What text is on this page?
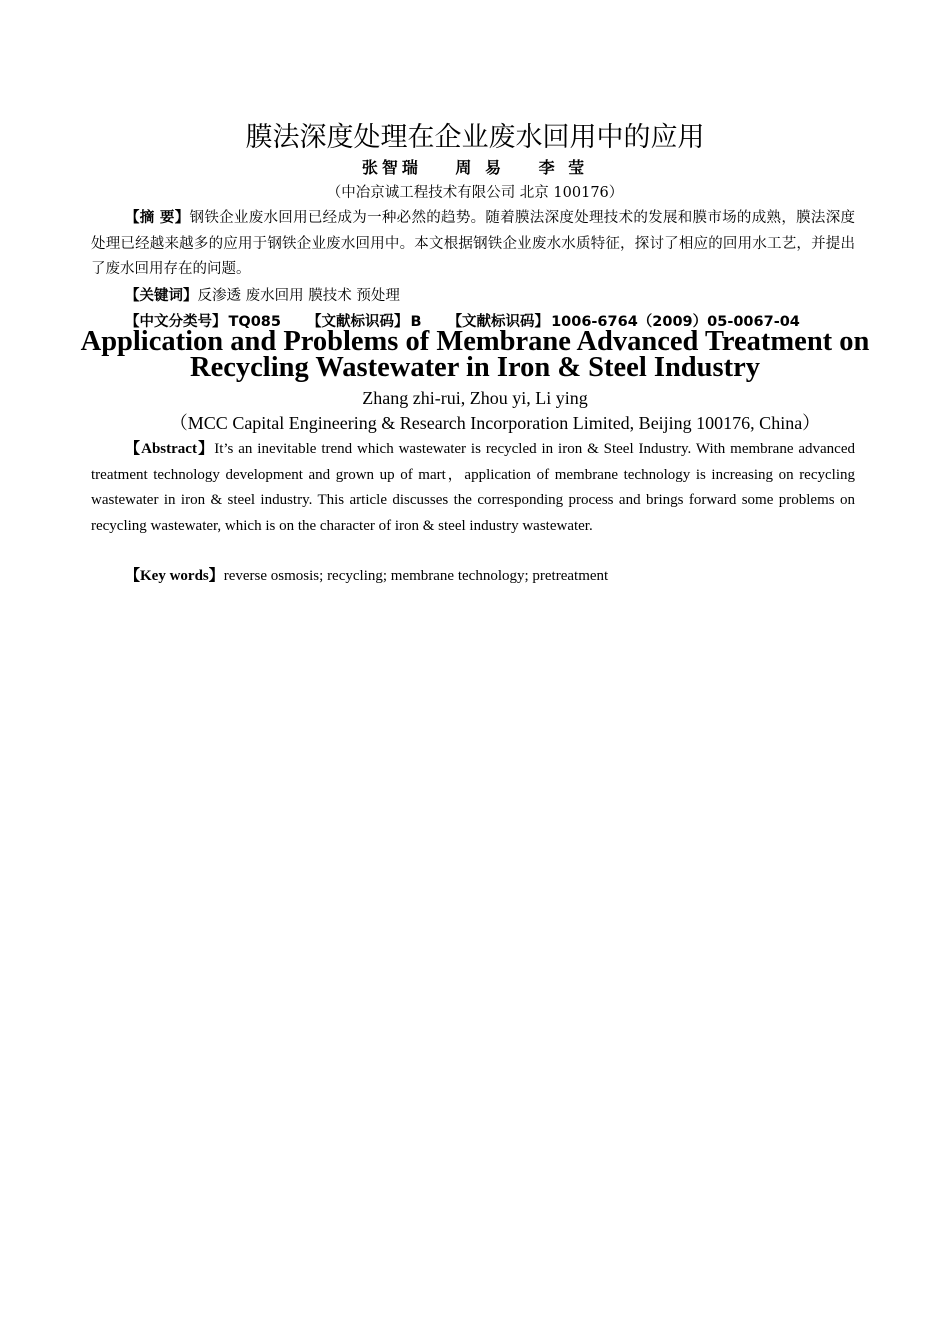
膜法深度处理在企业废水回用中的应用
张智瑞 周 易 李 莹
（中冶京诚工程技术有限公司 北京 100176）
【摘 要】钢铁企业废水回用已经成为一种必然的趋势。随着膜法深度处理技术的发展和膜市场的成熟，膜法深度处理已经越来越多的应用于钢铁企业废水回用中。本文根据钢铁企业废水水质特征，探讨了相应的回用水工艺，并提出了废水回用存在的问题。
【关键词】反渗透 废水回用 膜技术 预处理
【中文分类号】 TQ085 【文献标识码】 B 【文献标识码】 1006-6764（2009）05-0067-04
Application and Problems of Membrane Advanced Treatment on Recycling Wastewater in Iron & Steel Industry
Zhang zhi-rui, Zhou yi, Li ying
（MCC Capital Engineering & Research Incorporation Limited, Beijing 100176, China）
【Abstract】It’s an inevitable trend which wastewater is recycled in iron & Steel Industry. With membrane advanced treatment technology development and grown up of mart，application of membrane technology is increasing on recycling wastewater in iron & steel industry. This article discusses the corresponding process and brings forward some problems on recycling wastewater, which is on the character of iron & steel industry wastewater.
【Key words】reverse osmosis; recycling; membrane technology; pretreatment
